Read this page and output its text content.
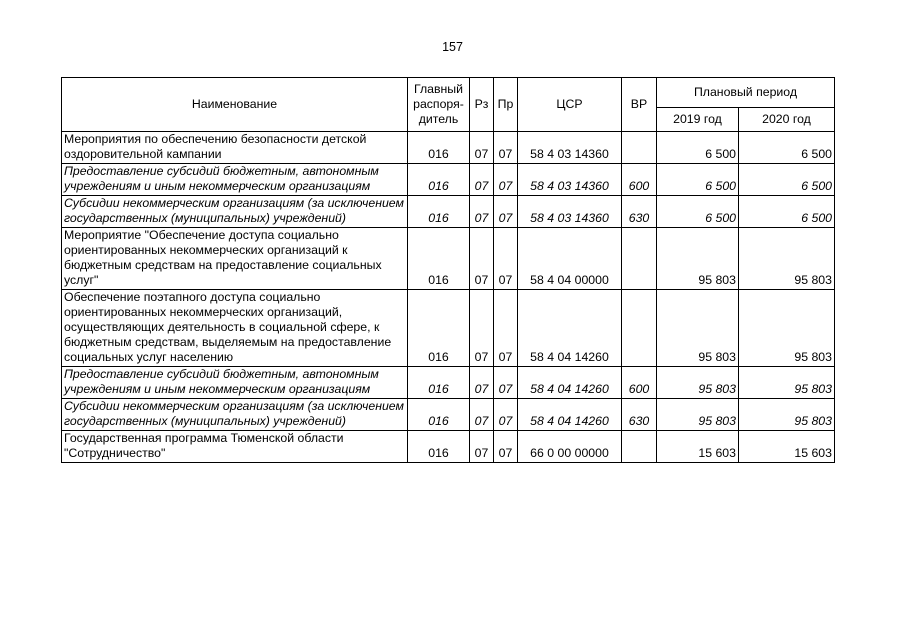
157
Наименование	Главный распоря- дитель	Рз	Пр	ЦСР	ВР	Плановый период	
						2019 год	2020 год
Мероприятия по обеспечению безопасности детской оздоровительной кампании	016	07	07	58 4 03 14360		6 500	6 500
Предоставление субсидий бюджетным, автономным учреждениям и иным некоммерческим организациям	016	07	07	58 4 03 14360	600	6 500	6 500
Субсидии некоммерческим организациям (за исключением государственных (муниципальных) учреждений)	016	07	07	58 4 03 14360	630	6 500	6 500
Мероприятие "Обеспечение доступа социально ориентированных некоммерческих организаций к бюджетным средствам на предоставление социальных услуг"	016	07	07	58 4 04 00000		95 803	95 803
Обеспечение поэтапного доступа социально ориентированных некоммерческих организаций, осуществляющих деятельность в социальной сфере, к бюджетным средствам, выделяемым на предоставление социальных услуг населению	016	07	07	58 4 04 14260		95 803	95 803
Предоставление субсидий бюджетным, автономным учреждениям и иным некоммерческим организациям	016	07	07	58 4 04 14260	600	95 803	95 803
Субсидии некоммерческим организациям (за исключением государственных (муниципальных) учреждений)	016	07	07	58 4 04 14260	630	95 803	95 803
Государственная программа Тюменской области "Сотрудничество"	016	07	07	66 0 00 00000		15 603	15 603
